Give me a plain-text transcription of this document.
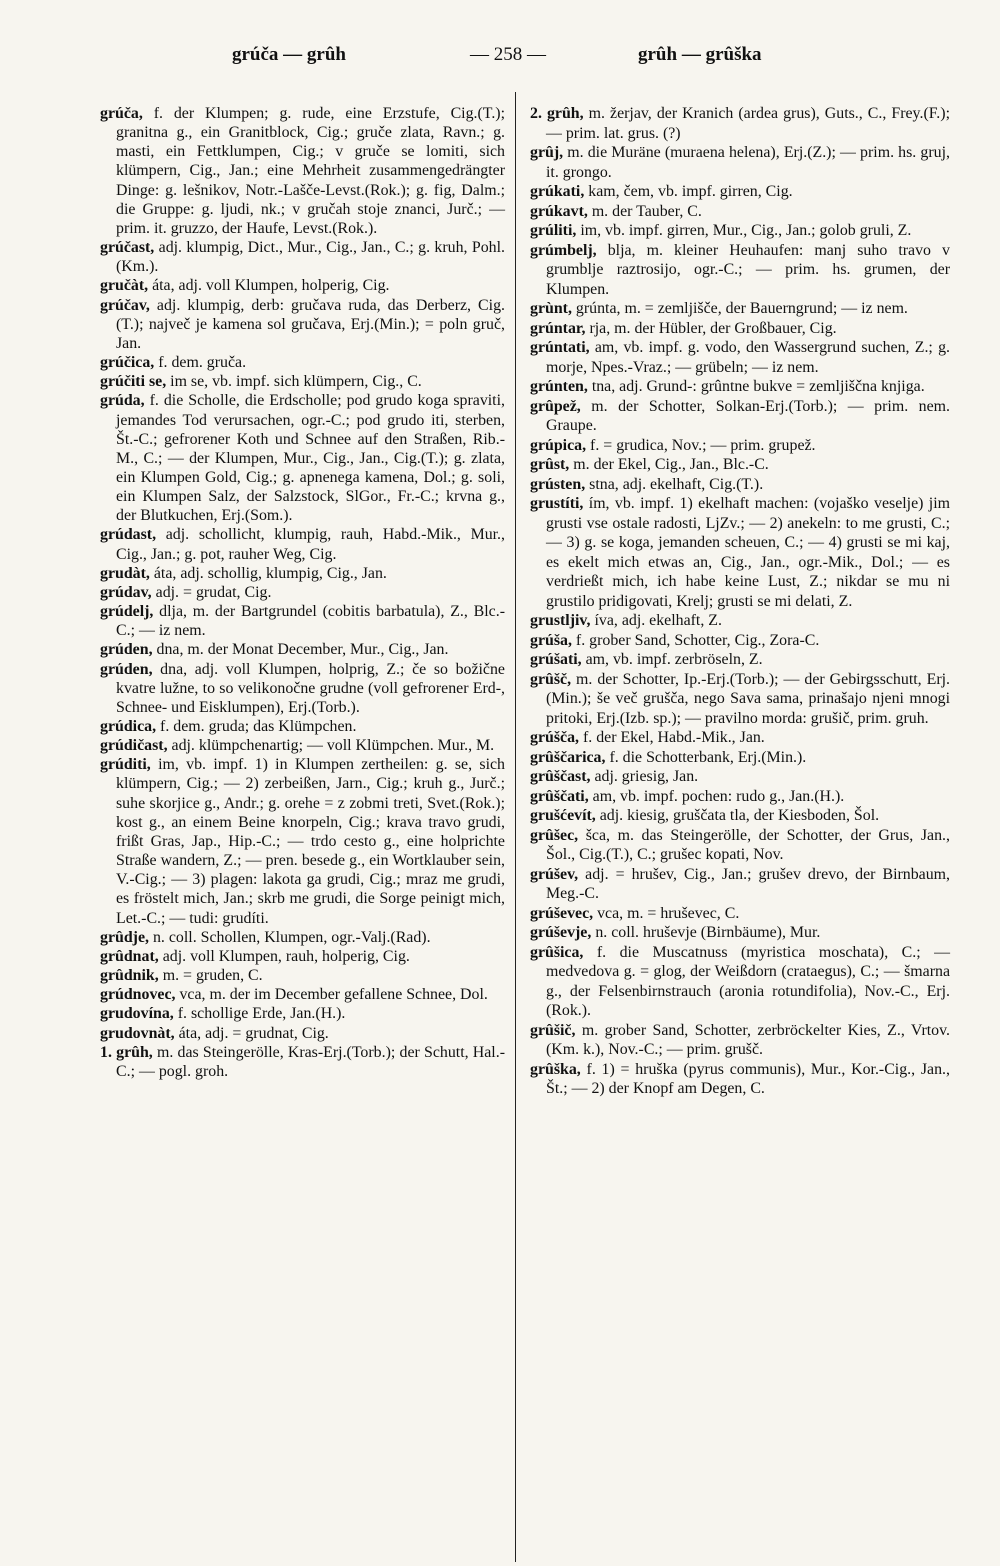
grúča — grûh	— 258 —	grûh — grûška

grúča, f. der Klumpen; g. rude, eine Erzstufe, Cig.(T.); granitna g., ein Granitblock, Cig.; gruče zlata, Ravn.; g. masti, ein Fettklumpen, Cig.; v gruče se lomiti, sich klümpern, Cig., Jan.; eine Mehrheit zusammengedrängter Dinge: g. lešnikov, Notr.-Lašče-Levst.(Rok.); g. fig, Dalm.; die Gruppe: g. ljudi, nk.; v gručah stoje znanci, Jurč.; — prim. it. gruzzo, der Haufe, Levst.(Rok.).

grúčast, adj. klumpig, Dict., Mur., Cig., Jan., C.; g. kruh, Pohl.(Km.).

gručàt, áta, adj. voll Klumpen, holperig, Cig.

grúčav, adj. klumpig, derb: gručava ruda, das Derberz, Cig.(T.); največ je kamena sol gručava, Erj.(Min.); = poln gruč, Jan.

grúčica, f. dem. gruča.

grúčiti se, im se, vb. impf. sich klümpern, Cig., C.

grúda, f. die Scholle, die Erdscholle; pod grudo koga spraviti, jemandes Tod verursachen, ogr.-C.; pod grudo iti, sterben, Št.-C.; gefrorener Koth und Schnee auf den Straßen, Rib.-M., C.; — der Klumpen, Mur., Cig., Jan., Cig.(T.); g. zlata, ein Klumpen Gold, Cig.; g. apnenega kamena, Dol.; g. soli, ein Klumpen Salz, der Salzstock, SlGor., Fr.-C.; krvna g., der Blutkuchen, Erj.(Som.).

grúdast, adj. schollicht, klumpig, rauh, Habd.-Mik., Mur., Cig., Jan.; g. pot, rauher Weg, Cig.

grudàt, áta, adj. schollig, klumpig, Cig., Jan.

grúdav, adj. = grudat, Cig.

grúdelj, dlja, m. der Bartgrundel (cobitis barbatula), Z., Blc.-C.; — iz nem.

grúden, dna, m. der Monat December, Mur., Cig., Jan.

grúden, dna, adj. voll Klumpen, holprig, Z.; če so božične kvatre lužne, to so velikonočne grudne (voll gefrorener Erd-, Schnee- und Eisklumpen), Erj.(Torb.).

grúdica, f. dem. gruda; das Klümpchen.

grúdičast, adj. klümpchenartig; — voll Klümpchen. Mur., M.

grúditi, im, vb. impf. 1) in Klumpen zertheilen: g. se, sich klümpern, Cig.; — 2) zerbeißen, Jarn., Cig.; kruh g., Jurč.; suhe skorjice g., Andr.; g. orehe = z zobmi treti, Svet.(Rok.); kost g., an einem Beine knorpeln, Cig.; krava travo grudi, frißt Gras, Jap., Hip.-C.; — trdo cesto g., eine holprichte Straße wandern, Z.; — pren. besede g., ein Wortklauber sein, V.-Cig.; — 3) plagen: lakota ga grudi, Cig.; mraz me grudi, es fröstelt mich, Jan.; skrb me grudi, die Sorge peinigt mich, Let.-C.; — tudi: grudíti.

grûdje, n. coll. Schollen, Klumpen, ogr.-Valj.(Rad).

grûdnat, adj. voll Klumpen, rauh, holperig, Cig.

grûdnik, m. = gruden, C.

grúdnovec, vca, m. der im December gefallene Schnee, Dol.

grudovína, f. schollige Erde, Jan.(H.).

grudovnàt, áta, adj. = grudnat, Cig.

1. grûh, m. das Steingerölle, Kras-Erj.(Torb.); der Schutt, Hal.-C.; — pogl. groh.

2. grûh, m. žerjav, der Kranich (ardea grus), Guts., C., Frey.(F.); — prim. lat. grus. (?)

grûj, m. die Muräne (muraena helena), Erj.(Z.); — prim. hs. gruj, it. grongo.

grúkati, kam, čem, vb. impf. girren, Cig.

grúkavt, m. der Tauber, C.

grúliti, im, vb. impf. girren, Mur., Cig., Jan.; golob gruli, Z.

grúmbelj, blja, m. kleiner Heuhaufen: manj suho travo v grumblje raztrosijo, ogr.-C.; — prim. hs. grumen, der Klumpen.

grùnt, grúnta, m. = zemljišče, der Bauerngrund; — iz nem.

grúntar, rja, m. der Hübler, der Großbauer, Cig.

grúntati, am, vb. impf. g. vodo, den Wassergrund suchen, Z.; g. morje, Npes.-Vraz.; — grübeln; — iz nem.

grúnten, tna, adj. Grund-: grûntne bukve = zemljiščna knjiga.

grûpež, m. der Schotter, Solkan-Erj.(Torb.); — prim. nem. Graupe.

grúpica, f. = grudica, Nov.; — prim. grupež.

grûst, m. der Ekel, Cig., Jan., Blc.-C.

grústen, stna, adj. ekelhaft, Cig.(T.).

grustíti, ím, vb. impf. 1) ekelhaft machen: (vojaško veselje) jim grusti vse ostale radosti, LjZv.; — 2) anekeln: to me grusti, C.; — 3) g. se koga, jemanden scheuen, C.; — 4) grusti se mi kaj, es ekelt mich etwas an, Cig., Jan., ogr.-Mik., Dol.; — es verdrießt mich, ich habe keine Lust, Z.; nikdar se mu ni grustilo pridigovati, Krelj; grusti se mi delati, Z.

grustljiv, íva, adj. ekelhaft, Z.

grúša, f. grober Sand, Schotter, Cig., Zora-C.

grúšati, am, vb. impf. zerbröseln, Z.

grûšč, m. der Schotter, Ip.-Erj.(Torb.); — der Gebirgsschutt, Erj.(Min.); še več grušča, nego Sava sama, prinašajo njeni mnogi pritoki, Erj.(Izb. sp.); — pravilno morda: grušič, prim. gruh.

grúšča, f. der Ekel, Habd.-Mik., Jan.

grûščarica, f. die Schotterbank, Erj.(Min.).

grûščast, adj. griesig, Jan.

grûščati, am, vb. impf. pochen: rudo g., Jan.(H.).

grušćevít, adj. kiesig, gruščata tla, der Kiesboden, Šol.

grûšec, šca, m. das Steingerölle, der Schotter, der Grus, Jan., Šol., Cig.(T.), C.; grušec kopati, Nov.

grúšev, adj. = hrušev, Cig., Jan.; grušev drevo, der Birnbaum, Meg.-C.

grúševec, vca, m. = hruševec, C.

grúševje, n. coll. hruševje (Birnbäume), Mur.

grûšica, f. die Muscatnuss (myristica moschata), C.; — medvedova g. = glog, der Weißdorn (crataegus), C.; — šmarna g., der Felsenbirnstrauch (aronia rotundifolia), Nov.-C., Erj.(Rok.).

grûšič, m. grober Sand, Schotter, zerbröckelter Kies, Z., Vrtov.(Km. k.), Nov.-C.; — prim. grušč.

grûška, f. 1) = hruška (pyrus communis), Mur., Kor.-Cig., Jan., Št.; — 2) der Knopf am Degen, C.
